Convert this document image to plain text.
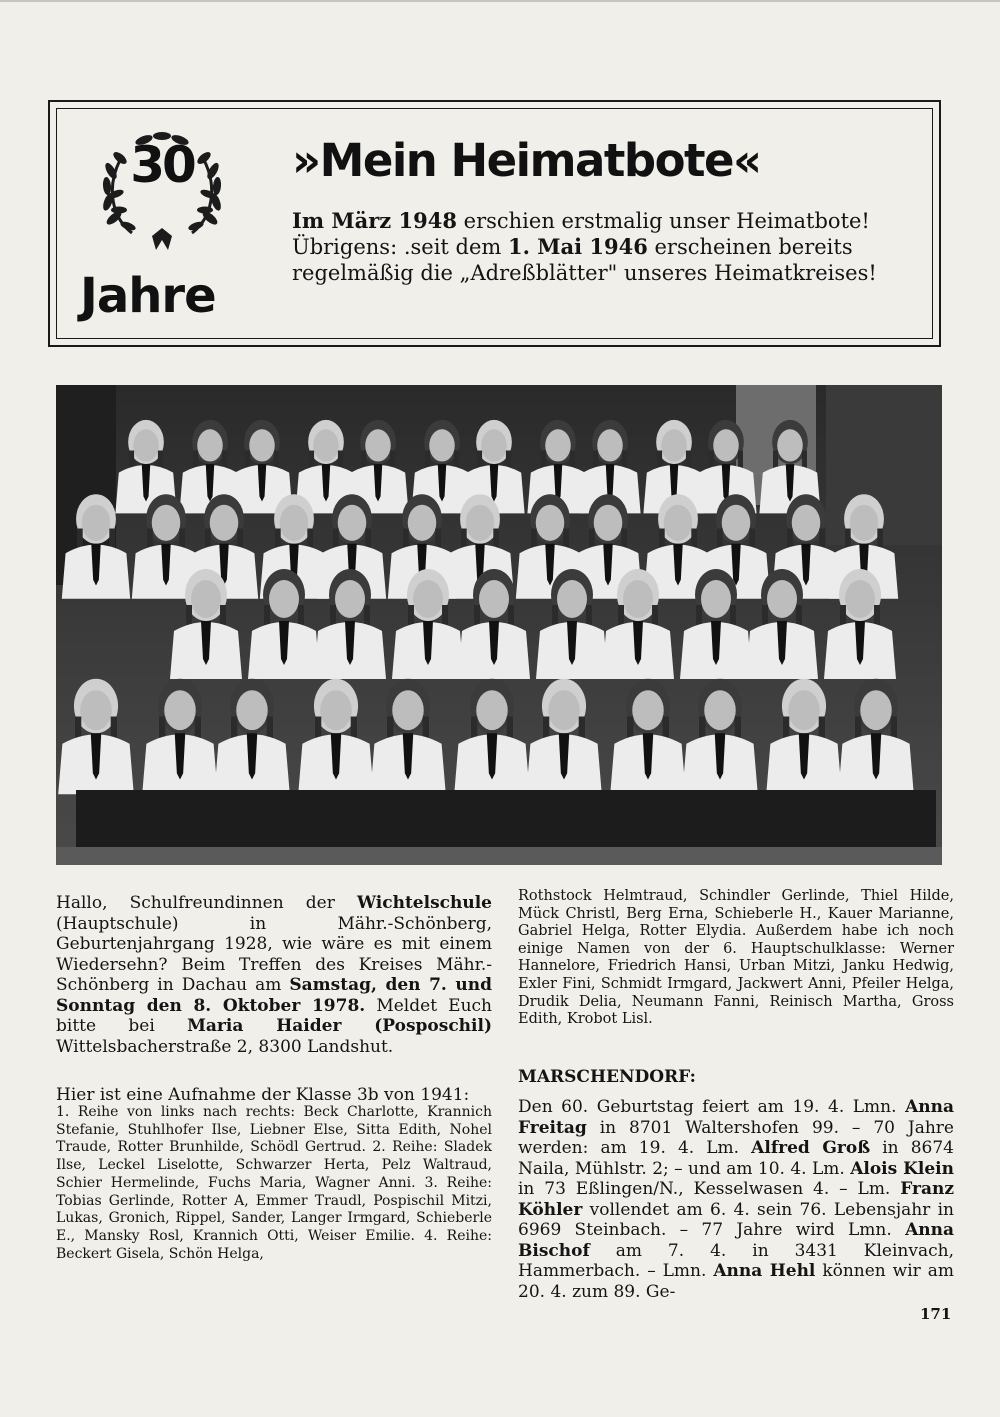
30
Jahre
»Mein Heimatbote«
Im März 1948 erschien erstmalig unser Heimatbote! Übrigens: .seit dem 1. Mai 1946 erscheinen bereits regelmäßig die „Adreßblätter" unseres Heimatkreises!
Hallo, Schulfreundinnen der Wichtelschule (Hauptschule) in Mähr.-Schönberg, Geburtenjahrgang 1928, wie wäre es mit einem Wiedersehn? Beim Treffen des Kreises Mähr.-Schönberg in Dachau am Samstag, den 7. und Sonntag den 8. Oktober 1978. Meldet Euch bitte bei Maria Haider (Posposchil) Wittelsbacherstraße 2, 8300 Landshut.
Hier ist eine Aufnahme der Klasse 3b von 1941:
1. Reihe von links nach rechts: Beck Charlotte, Krannich Stefanie, Stuhlhofer Ilse, Liebner Else, Sitta Edith, Nohel Traude, Rotter Brunhilde, Schödl Gertrud. 2. Reihe: Sladek Ilse, Leckel Liselotte, Schwarzer Herta, Pelz Waltraud, Schier Hermelinde, Fuchs Maria, Wagner Anni. 3. Reihe: Tobias Gerlinde, Rotter A, Emmer Traudl, Pospischil Mitzi, Lukas, Gronich, Rippel, Sander, Langer Irmgard, Schieberle E., Mansky Rosl, Krannich Otti, Weiser Emilie. 4. Reihe: Beckert Gisela, Schön Helga,
Rothstock Helmtraud, Schindler Gerlinde, Thiel Hilde, Mück Christl, Berg Erna, Schieberle H., Kauer Marianne, Gabriel Helga, Rotter Elydia. Außerdem habe ich noch einige Namen von der 6. Hauptschulklasse: Werner Hannelore, Friedrich Hansi, Urban Mitzi, Janku Hedwig, Exler Fini, Schmidt Irmgard, Jackwert Anni, Pfeiler Helga, Drudik Delia, Neumann Fanni, Reinisch Martha, Gross Edith, Krobot Lisl.
MARSCHENDORF:
Den 60. Geburtstag feiert am 19. 4. Lmn. Anna Freitag in 8701 Waltershofen 99. – 70 Jahre werden: am 19. 4. Lm. Alfred Groß in 8674 Naila, Mühlstr. 2; – und am 10. 4. Lm. Alois Klein in 73 Eßlingen/N., Kesselwasen 4. – Lm. Franz Köhler vollendet am 6. 4. sein 76. Lebensjahr in 6969 Steinbach. – 77 Jahre wird Lmn. Anna Bischof am 7. 4. in 3431 Kleinvach, Hammerbach. – Lmn. Anna Hehl können wir am 20. 4. zum 89. Ge-
171
